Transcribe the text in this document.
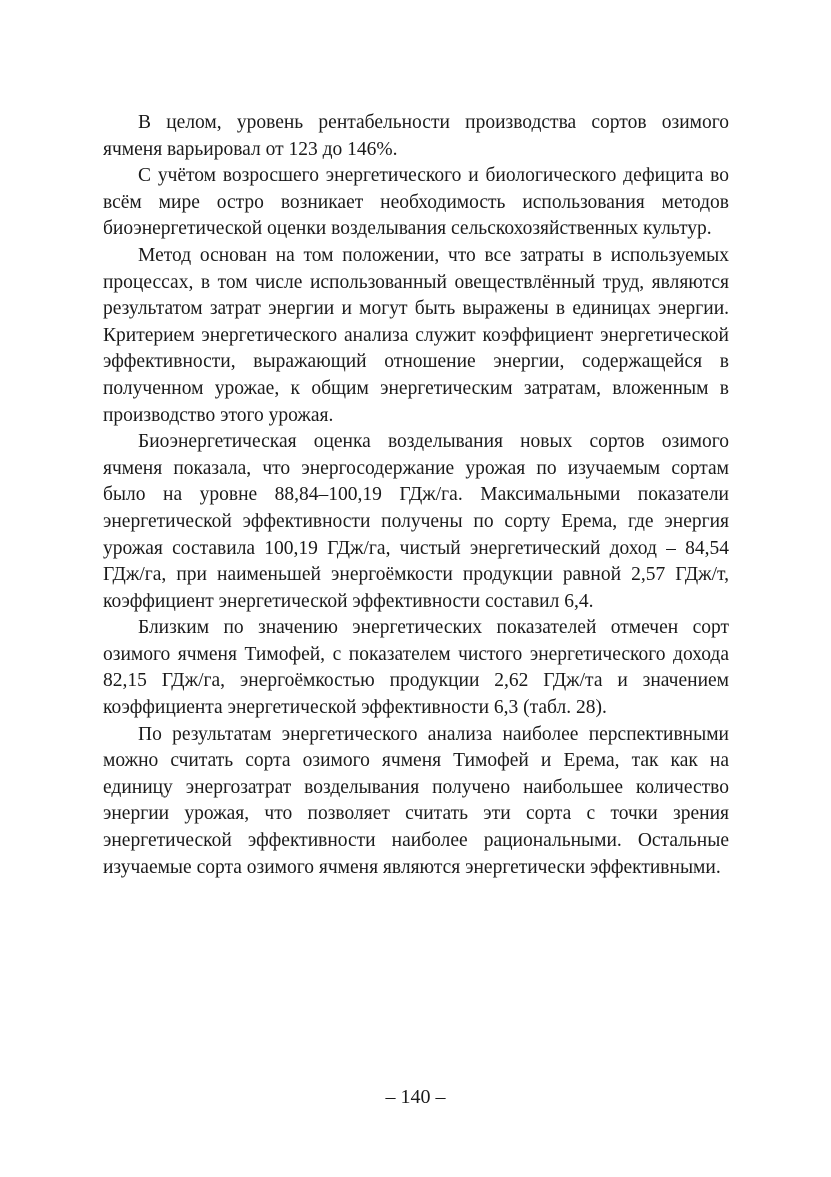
В целом, уровень рентабельности производства сортов озимого ячменя варьировал от 123 до 146%.

С учётом возросшего энергетического и биологического дефицита во всём мире остро возникает необходимость использования методов биоэнергетической оценки возделывания сельскохозяйственных культур.

Метод основан на том положении, что все затраты в используемых процессах, в том числе использованный овеществлённый труд, являются результатом затрат энергии и могут быть выражены в единицах энергии. Критерием энергетического анализа служит коэффициент энергетической эффективности, выражающий отношение энергии, содержащейся в полученном урожае, к общим энергетическим затратам, вложенным в производство этого урожая.

Биоэнергетическая оценка возделывания новых сортов озимого ячменя показала, что энергосодержание урожая по изучаемым сортам было на уровне 88,84–100,19 ГДж/га. Максимальными показатели энергетической эффективности получены по сорту Ерема, где энергия урожая составила 100,19 ГДж/га, чистый энергетический доход – 84,54 ГДж/га, при наименьшей энергоёмкости продукции равной 2,57 ГДж/т, коэффициент энергетической эффективности составил 6,4.

Близким по значению энергетических показателей отмечен сорт озимого ячменя Тимофей, с показателем чистого энергетического дохода 82,15 ГДж/га, энергоёмкостью продукции 2,62 ГДж/та и значением коэффициента энергетической эффективности 6,3 (табл. 28).

По результатам энергетического анализа наиболее перспективными можно считать сорта озимого ячменя Тимофей и Ерема, так как на единицу энергозатрат возделывания получено наибольшее количество энергии урожая, что позволяет считать эти сорта с точки зрения энергетической эффективности наиболее рациональными. Остальные изучаемые сорта озимого ячменя являются энергетически эффективными.

– 140 –
